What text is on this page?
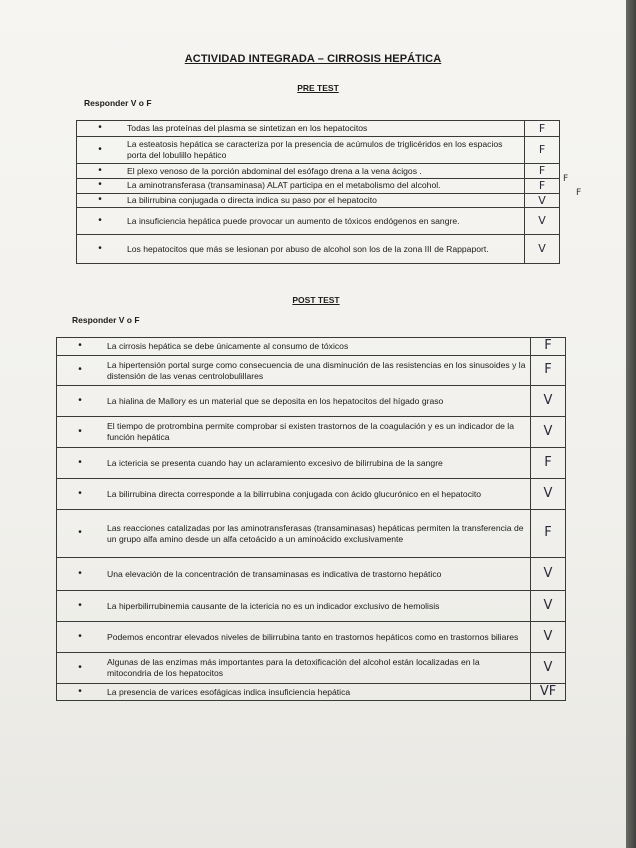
ACTIVIDAD INTEGRADA – CIRROSIS HEPÁTICA
PRE TEST
Responder V o F
•	Todas las proteínas del plasma se sintetizan en los hepatocitos	F
•	La esteatosis hepática se caracteriza por la presencia de acúmulos de triglicéridos en los espacios porta del lobulillo hepático	F
•	El plexo venoso de la porción abdominal del esófago drena a la vena ácigos .	F
•	La aminotransferasa (transaminasa) ALAT participa en el metabolismo del alcohol.	F
•	La bilirrubina conjugada o directa indica su paso por el hepatocito	V
•	La insuficiencia hepática puede provocar un aumento de tóxicos endógenos en sangre.	V
•	Los hepatocitos que más se lesionan por abuso de alcohol son los de la zona III de Rappaport.	V
F
F
POST TEST
Responder V o F
•	La cirrosis hepática se debe únicamente al consumo de tóxicos	F
•	La hipertensión portal surge como consecuencia de una disminución de las resistencias en los sinusoides y la distensión de las venas centrolobulillares	F
•	La hialina de Mallory es un material que se deposita en los hepatocitos del hígado graso	V
•	El tiempo de protrombina permite comprobar si existen trastornos de la coagulación y es un indicador de la función hepática	V
•	La ictericia se presenta cuando hay un aclaramiento excesivo de bilirrubina de la sangre	F
•	La bilirrubina directa corresponde a la bilirrubina conjugada con ácido glucurónico en el hepatocito	V
•	Las reacciones catalizadas por las aminotransferasas (transaminasas) hepáticas permiten la transferencia de un grupo alfa amino desde un alfa cetoácido a un aminoácido exclusivamente	F
•	Una elevación de la concentración de transaminasas es indicativa de trastorno hepático	V
•	La hiperbilirrubinemia causante de la ictericia no es un indicador exclusivo de hemolisis	V
•	Podemos encontrar elevados niveles de bilirrubina tanto en trastornos hepáticos como en trastornos biliares	V
•	Algunas de las enzimas más importantes para la detoxificación del alcohol están localizadas en la mitocondria de los hepatocitos	V
•	La presencia de varices esofágicas indica insuficiencia hepática	VF
